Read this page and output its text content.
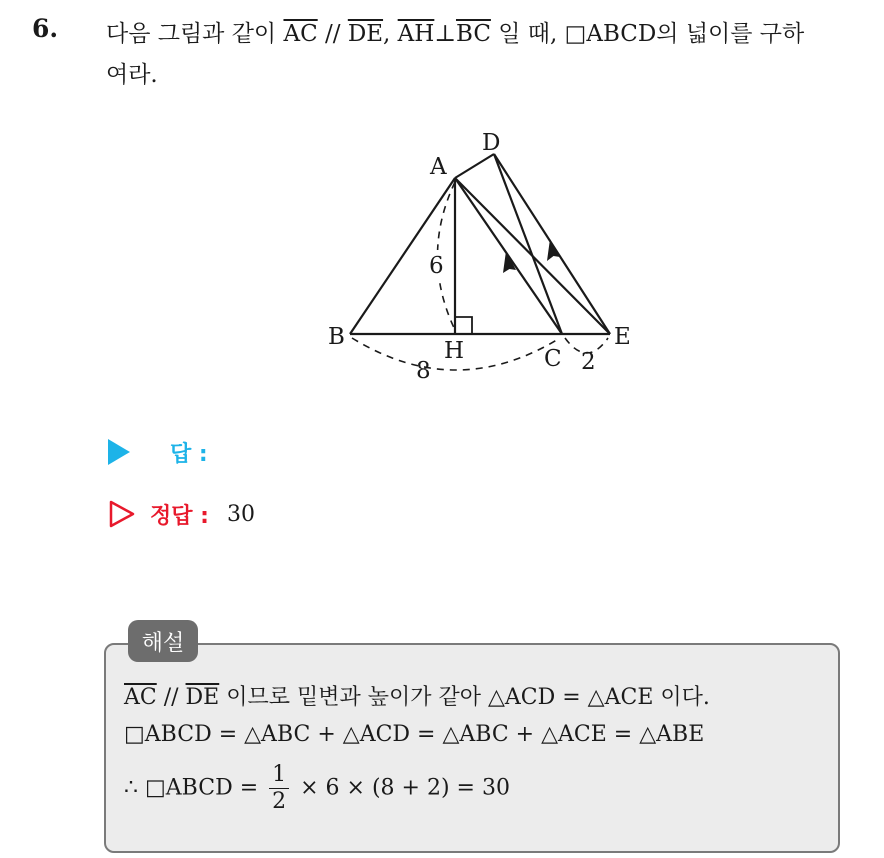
6. 다음 그림과 같이 $\overline{AC} // \overline{DE}$, $\overline{AH}\perp\overline{BC}$ 일 때, □ABCD의 넓이를 구하
여라.
A
D
B
H	C
E
6
8	2
답 :
정답 : 30
해설
$\overline{AC} // \overline{DE}$ 이므로 밑변과 높이가 같아 △ACD = △ACE 이다.
□ABCD = △ABC + △ACD = △ABC + △ACE = △ABE
∴ □ABCD = $\frac{1}{2} \times 6 \times (8 + 2) = 30$
